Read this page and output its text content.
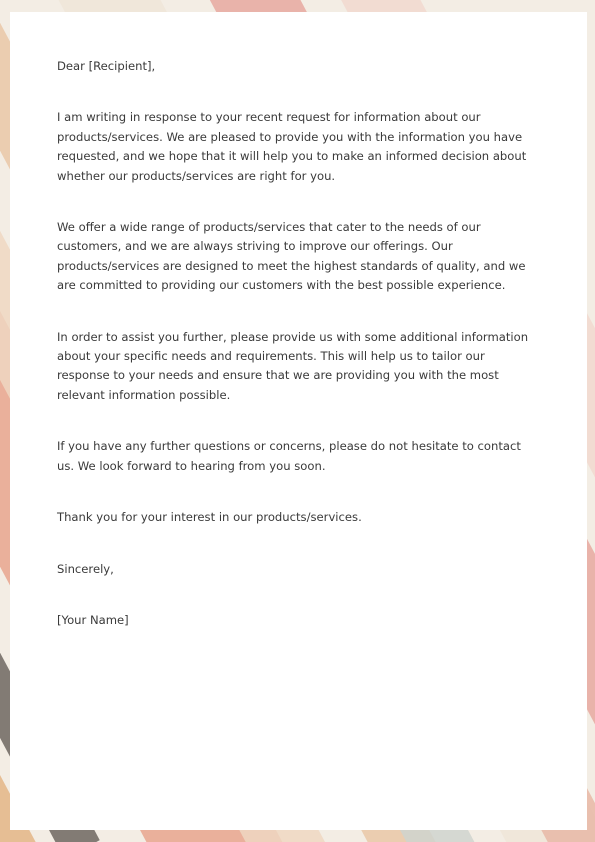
Dear [Recipient],

I am writing in response to your recent request for information about our products/services. We are pleased to provide you with the information you have requested, and we hope that it will help you to make an informed decision about whether our products/services are right for you.

We offer a wide range of products/services that cater to the needs of our customers, and we are always striving to improve our offerings. Our products/services are designed to meet the highest standards of quality, and we are committed to providing our customers with the best possible experience.

In order to assist you further, please provide us with some additional information about your specific needs and requirements. This will help us to tailor our response to your needs and ensure that we are providing you with the most relevant information possible.

If you have any further questions or concerns, please do not hesitate to contact us. We look forward to hearing from you soon.

Thank you for your interest in our products/services.

Sincerely,

[Your Name]
